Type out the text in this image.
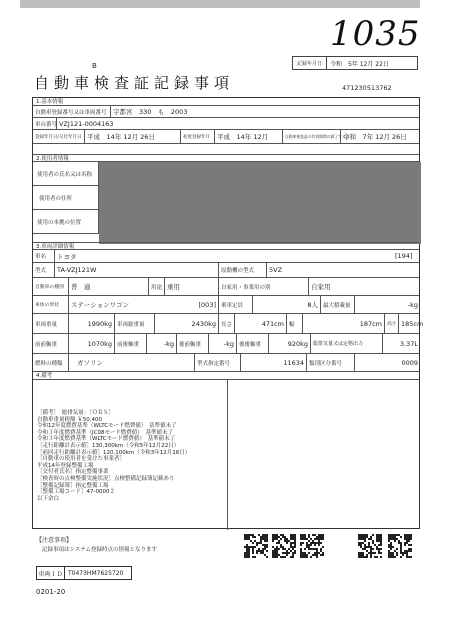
1035
記録年月日	令和　5年 12月 22日
B
自動車検査証記録事項	471230513762
1.基本情報
自動車登録番号又は車両番号 宇都宮　330　も　2003
車台番号 VZJ121-0004163
登録年月日/交付年月日 平成　14年 12月 26日	初度登録年月	平成　14年 12月	自動車検査証の有効期間の満了する日
令和　7年 12月 26日
2.使用者情報
使用者の氏名又は名称
使用者の住所
使用の本拠の位置
3.車両詳細情報
車名	トヨタ	[194]
型式	TA-VZJ121W	原動機の型式	5VZ
自動車の種別	普　通	用途 乗用	自家用・事業用の別	自家用
車体の形状	ステーションワゴン	[003] 乗車定員	8人 最大積載量	-kg
車両重量	1990kg 車両総重量	2430kg 長さ	471cm 幅	187cm	高さ 185cm
前前軸重	1070kg 前後軸重	-kg 後前軸重	-kg 後後軸重	920kg	総排気量又は定格出力	3.37L
燃料の種類	ガソリン	型式指定番号	11634 類別区分番号	0009
4.備考
［備考］　総排気量：［ＯＲＳ］
自動車重量税額 ￥50,400
令和12年度燃費基準（WLTCモード燃費値）　基準値未了
令和３年度燃費基準（JC08モード燃費値）　基準値未了
令和３年度燃費基準（WLTCモード燃費値）　基準値未了
［走行距離計表示値］130,300km（令和5年12月22日）
［前回走行距離計表示値］120,100km（令和3年12月16日）
［自動車の使用者を受けた事業者］
平成14年登録整備工場
［交付者氏名］指定整備事業
［検査時の点検整備実施状況］点検整備記録簿記載あり
［整備記録簿］指定整備工場
［整備工場コード］47-0000２
以下余白
【注意事項】
記録事項はシステム登録時点の情報となります
車両ＩＤ T0473HM7625720
0201-20
